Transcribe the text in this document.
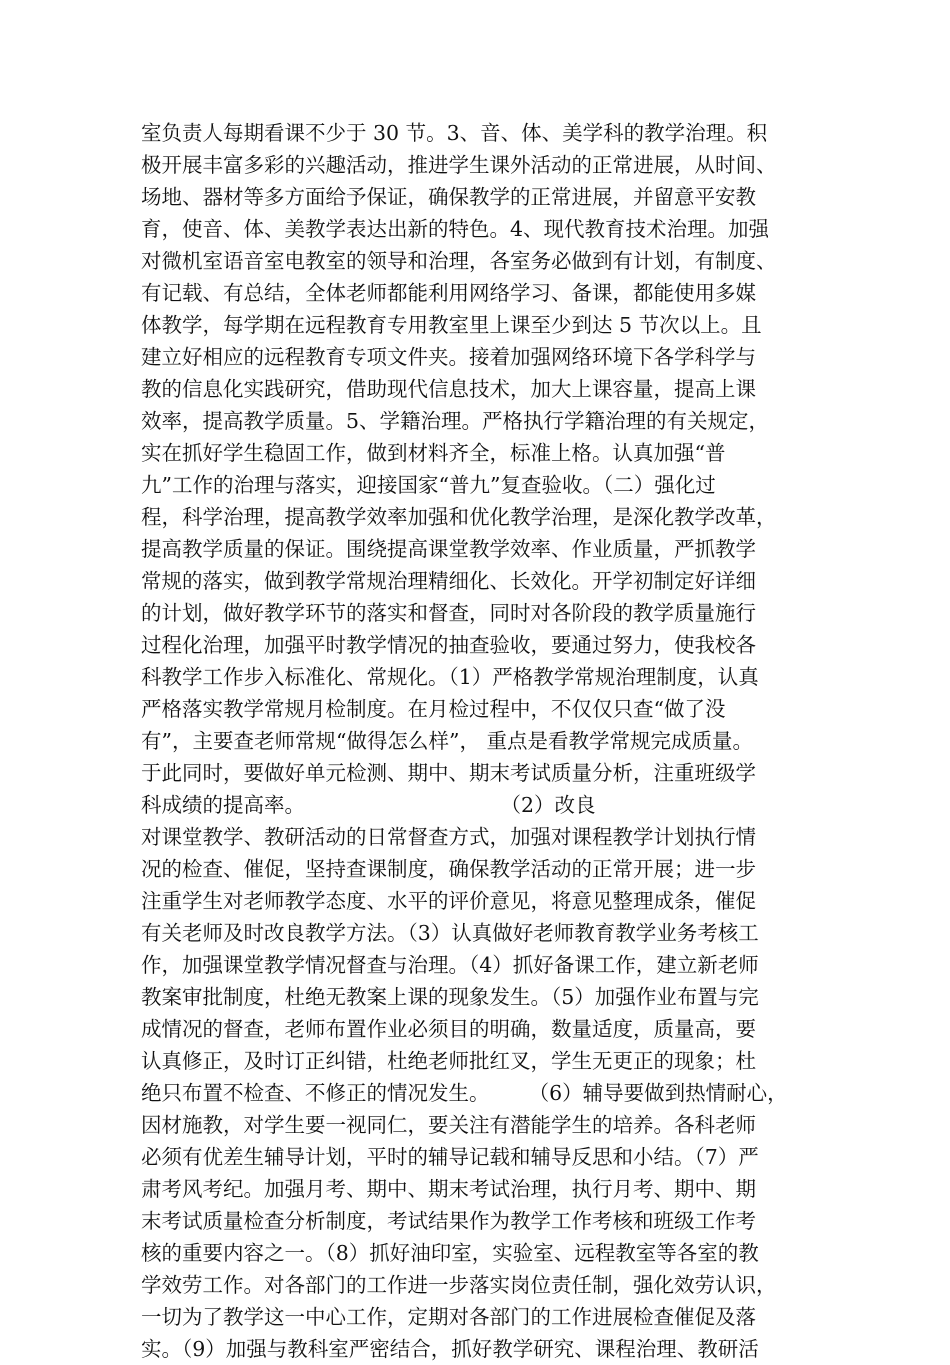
室负责人每期看课不少于 30 节。3、音、体、美学科的教学治理。积
极开展丰富多彩的兴趣活动，推进学生课外活动的正常进展，从时间、
场地、器材等多方面给予保证，确保教学的正常进展，并留意平安教
育，使音、体、美教学表达出新的特色。4、现代教育技术治理。加强
对微机室语音室电教室的领导和治理，各室务必做到有计划，有制度、
有记载、有总结，全体老师都能利用网络学习、备课，都能使用多媒
体教学，每学期在远程教育专用教室里上课至少到达 5 节次以上。且
建立好相应的远程教育专项文件夹。接着加强网络环境下各学科学与
教的信息化实践研究，借助现代信息技术，加大上课容量，提高上课
效率，提高教学质量。5、学籍治理。严格执行学籍治理的有关规定，
实在抓好学生稳固工作，做到材料齐全，标准上格。认真加强“普
九”工作的治理与落实，迎接国家“普九”复查验收。（二）强化过
程，科学治理，提高教学效率加强和优化教学治理，是深化教学改革，
提高教学质量的保证。围绕提高课堂教学效率、作业质量，严抓教学
常规的落实，做到教学常规治理精细化、长效化。开学初制定好详细
的计划，做好教学环节的落实和督查，同时对各阶段的教学质量施行
过程化治理，加强平时教学情况的抽查验收，要通过努力，使我校各
科教学工作步入标准化、常规化。（1）严格教学常规治理制度，认真
严格落实教学常规月检制度。在月检过程中，不仅仅只查“做了没
有”，主要查老师常规“做得怎么样”， 重点是看教学常规完成质量。
于此同时，要做好单元检测、期中、期末考试质量分析，注重班级学
科成绩的提高率。                              （2）改良
对课堂教学、教研活动的日常督查方式，加强对课程教学计划执行情
况的检查、催促，坚持查课制度，确保教学活动的正常开展；进一步
注重学生对老师教学态度、水平的评价意见，将意见整理成条，催促
有关老师及时改良教学方法。（3）认真做好老师教育教学业务考核工
作，加强课堂教学情况督查与治理。（4）抓好备课工作，建立新老师
教案审批制度，杜绝无教案上课的现象发生。（5）加强作业布置与完
成情况的督查，老师布置作业必须目的明确，数量适度，质量高，要
认真修正，及时订正纠错，杜绝老师批红叉，学生无更正的现象；杜
绝只布置不检查、不修正的情况发生。      （6）辅导要做到热情耐心，
因材施教，对学生要一视同仁，要关注有潜能学生的培养。各科老师
必须有优差生辅导计划，平时的辅导记载和辅导反思和小结。（7）严
肃考风考纪。加强月考、期中、期末考试治理，执行月考、期中、期
末考试质量检查分析制度，考试结果作为教学工作考核和班级工作考
核的重要内容之一。（8）抓好油印室，实验室、远程教室等各室的教
学效劳工作。对各部门的工作进一步落实岗位责任制，强化效劳认识，
一切为了教学这一中心工作，定期对各部门的工作进展检查催促及落
实。（9）加强与教科室严密结合，抓好教学研究、课程治理、教研活
